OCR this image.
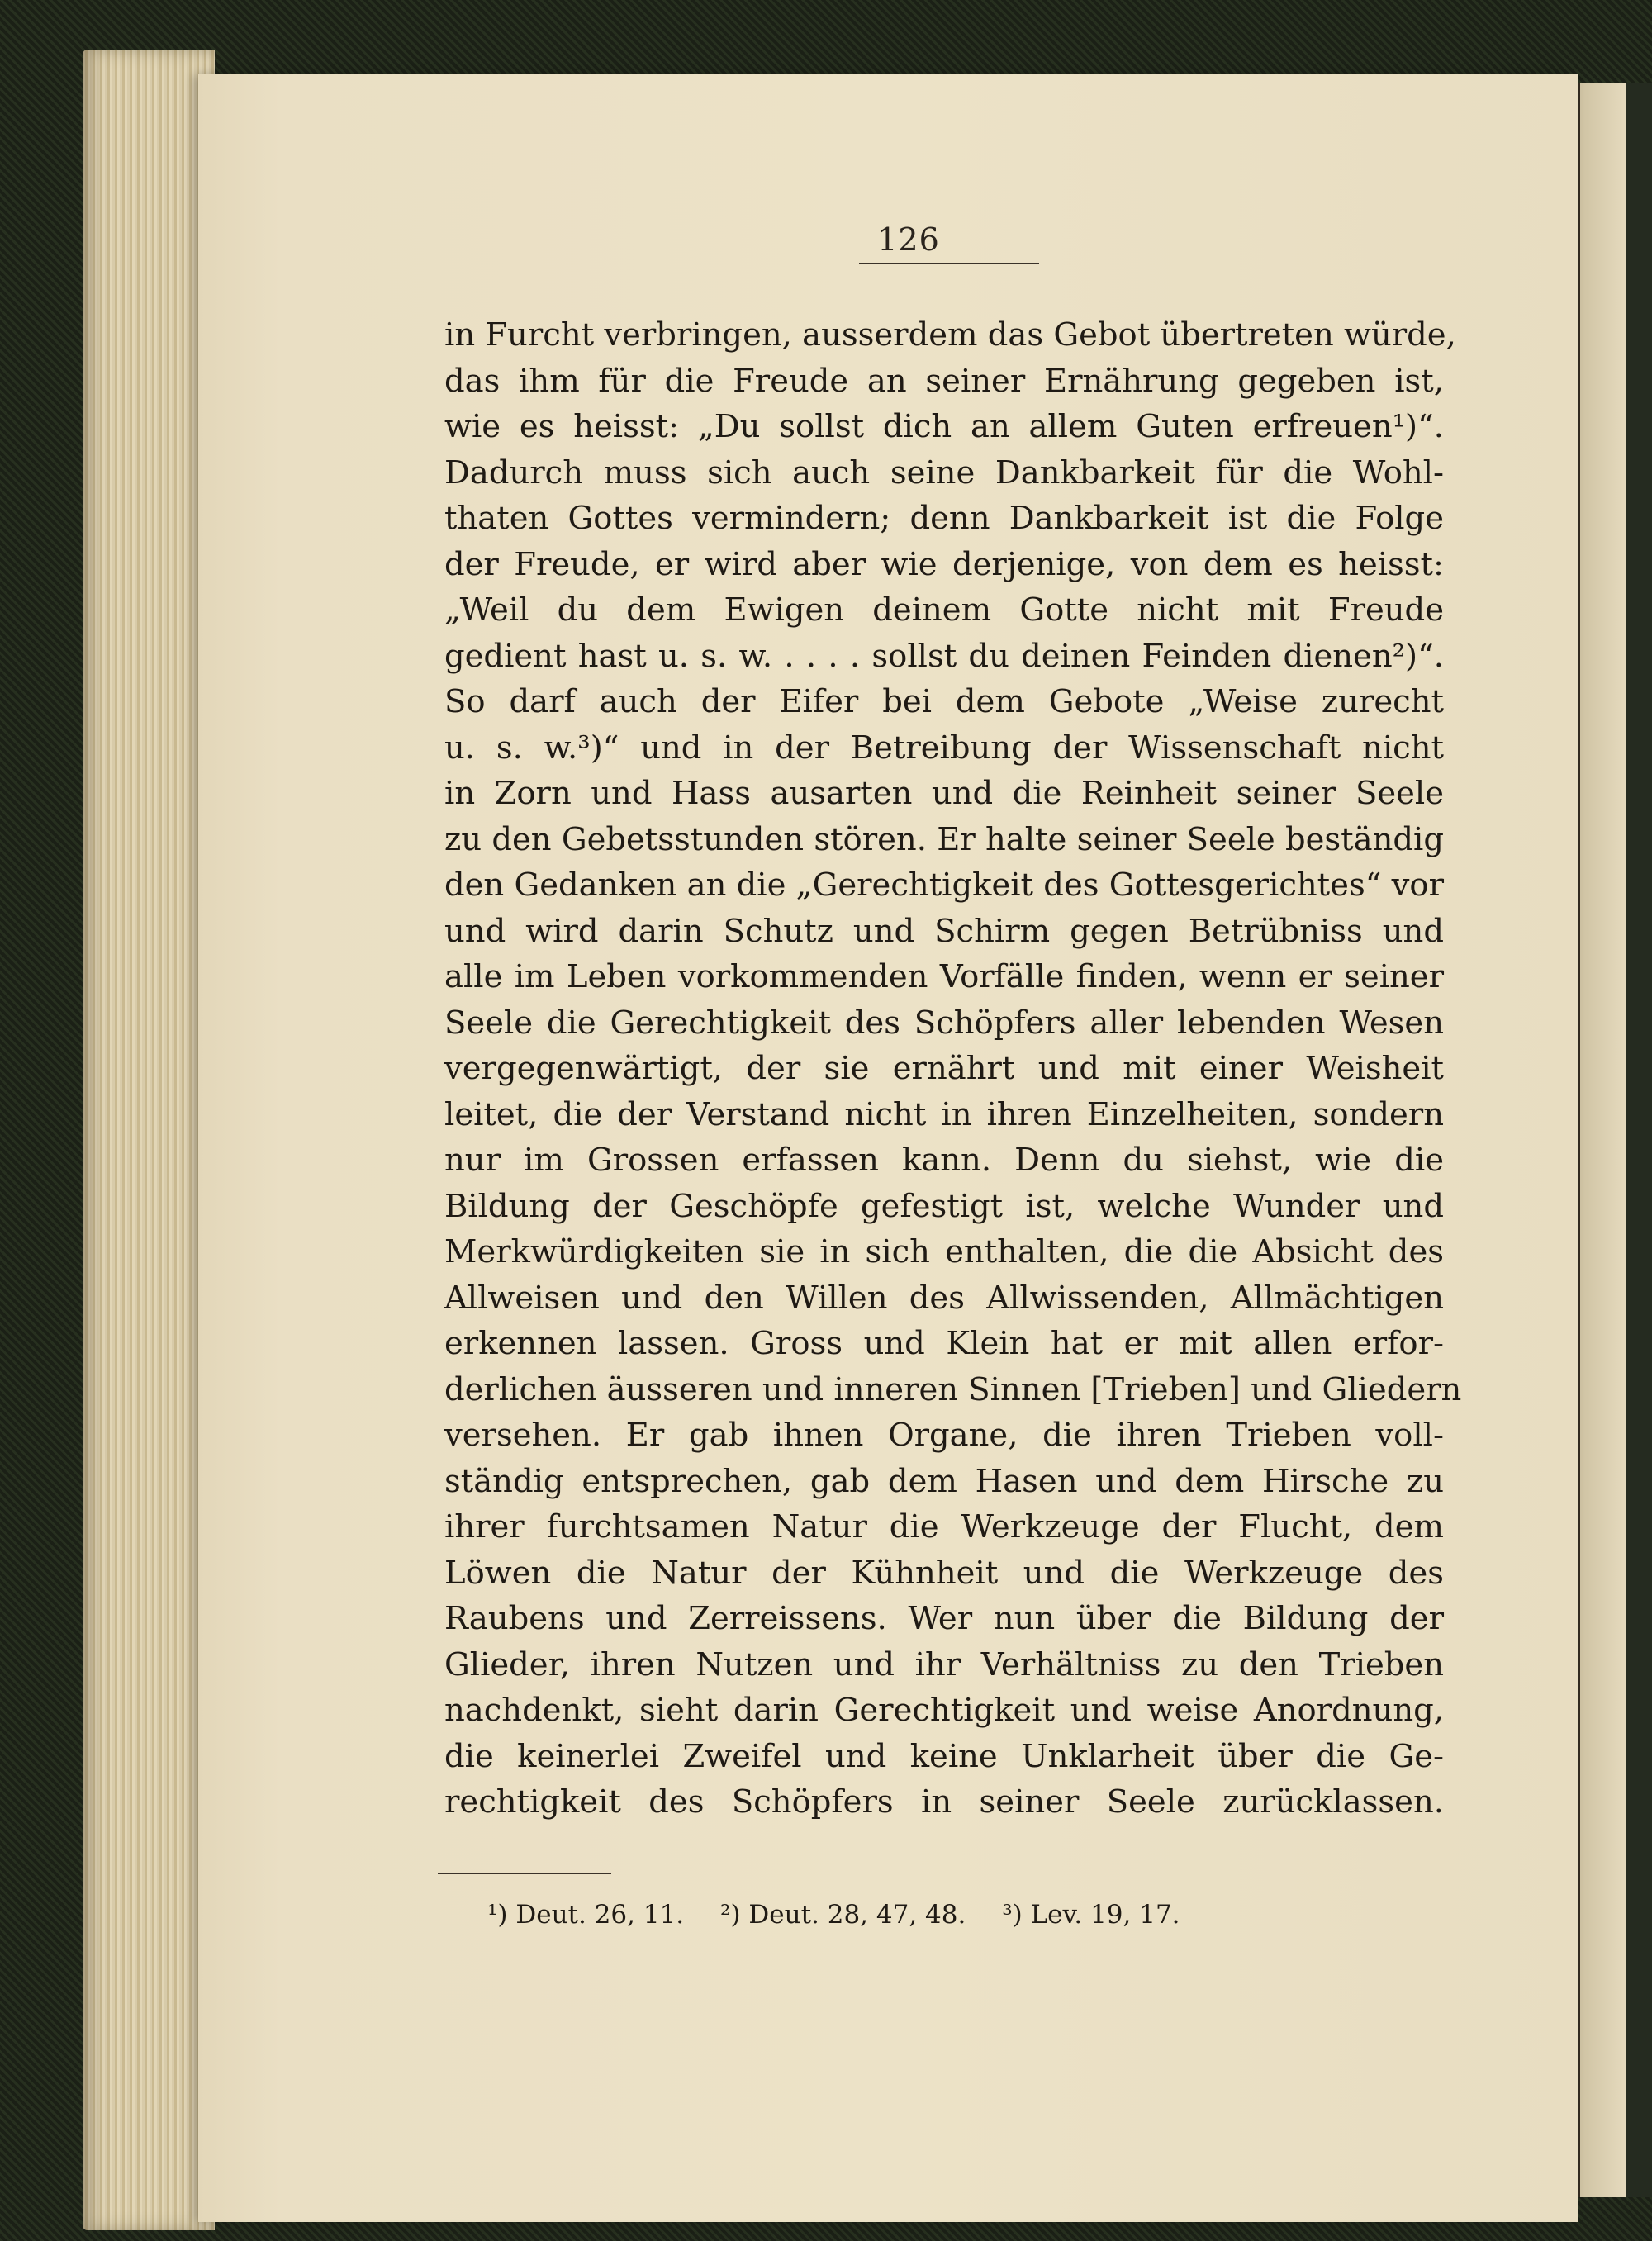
126
in Furcht verbringen, ausserdem das Gebot übertreten würde,
das ihm für die Freude an seiner Ernährung gegeben ist,
wie es heisst: „Du sollst dich an allem Guten erfreuen¹)“.
Dadurch muss sich auch seine Dankbarkeit für die Wohl-
thaten Gottes vermindern; denn Dankbarkeit ist die Folge
der Freude, er wird aber wie derjenige, von dem es heisst:
„Weil du dem Ewigen deinem Gotte nicht mit Freude
gedient hast u. s. w. . . . . sollst du deinen Feinden dienen²)“.
So darf auch der Eifer bei dem Gebote „Weise zurecht
u. s. w.³)“ und in der Betreibung der Wissenschaft nicht
in Zorn und Hass ausarten und die Reinheit seiner Seele
zu den Gebetsstunden stören. Er halte seiner Seele beständig
den Gedanken an die „Gerechtigkeit des Gottesgerichtes“ vor
und wird darin Schutz und Schirm gegen Betrübniss und
alle im Leben vorkommenden Vorfälle finden, wenn er seiner
Seele die Gerechtigkeit des Schöpfers aller lebenden Wesen
vergegenwärtigt, der sie ernährt und mit einer Weisheit
leitet, die der Verstand nicht in ihren Einzelheiten, sondern
nur im Grossen erfassen kann. Denn du siehst, wie die
Bildung der Geschöpfe gefestigt ist, welche Wunder und
Merkwürdigkeiten sie in sich enthalten, die die Absicht des
Allweisen und den Willen des Allwissenden, Allmächtigen
erkennen lassen. Gross und Klein hat er mit allen erfor-
derlichen äusseren und inneren Sinnen [Trieben] und Gliedern
versehen. Er gab ihnen Organe, die ihren Trieben voll-
ständig entsprechen, gab dem Hasen und dem Hirsche zu
ihrer furchtsamen Natur die Werkzeuge der Flucht, dem
Löwen die Natur der Kühnheit und die Werkzeuge des
Raubens und Zerreissens. Wer nun über die Bildung der
Glieder, ihren Nutzen und ihr Verhältniss zu den Trieben
nachdenkt, sieht darin Gerechtigkeit und weise Anordnung,
die keinerlei Zweifel und keine Unklarheit über die Ge-
rechtigkeit des Schöpfers in seiner Seele zurücklassen.
¹) Deut. 26, 11. ²) Deut. 28, 47, 48. ³) Lev. 19, 17.
